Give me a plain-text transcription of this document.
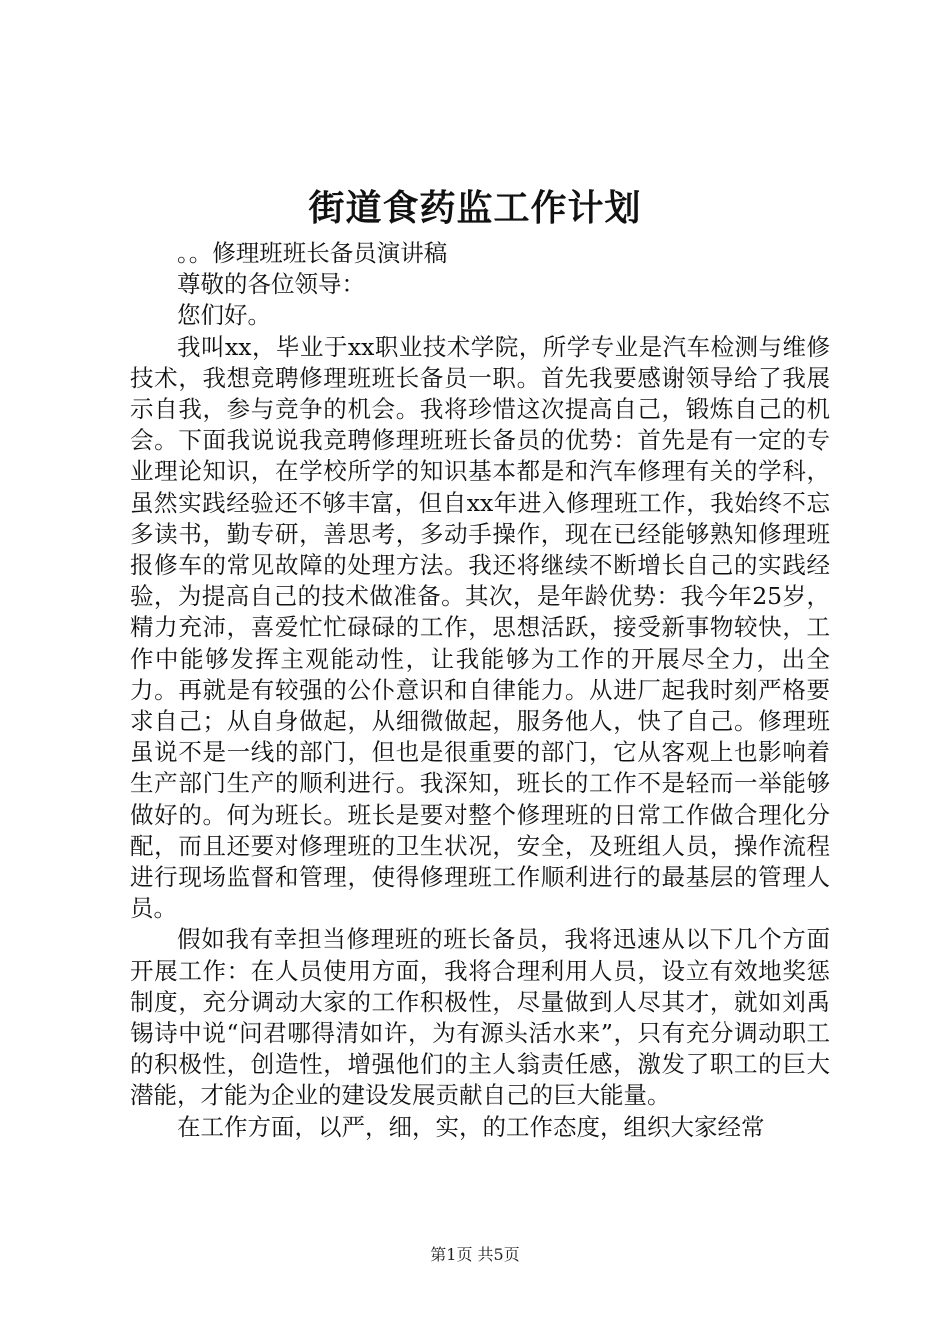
街道食药监工作计划

。。修理班班长备员演讲稿

尊敬的各位领导：

您们好。

我叫xx，毕业于xx职业技术学院，所学专业是汽车检测与维修技术，我想竞聘修理班班长备员一职。首先我要感谢领导给了我展示自我，参与竞争的机会。我将珍惜这次提高自己，锻炼自己的机会。下面我说说我竞聘修理班班长备员的优势：首先是有一定的专业理论知识，在学校所学的知识基本都是和汽车修理有关的学科，虽然实践经验还不够丰富，但自xx年进入修理班工作，我始终不忘多读书，勤专研，善思考，多动手操作，现在已经能够熟知修理班报修车的常见故障的处理方法。我还将继续不断增长自己的实践经验，为提高自己的技术做准备。其次，是年龄优势：我今年25岁，精力充沛，喜爱忙忙碌碌的工作，思想活跃，接受新事物较快，工作中能够发挥主观能动性，让我能够为工作的开展尽全力，出全力。再就是有较强的公仆意识和自律能力。从进厂起我时刻严格要求自己；从自身做起，从细微做起，服务他人，快了自己。修理班虽说不是一线的部门，但也是很重要的部门，它从客观上也影响着生产部门生产的顺利进行。我深知，班长的工作不是轻而一举能够做好的。何为班长。班长是要对整个修理班的日常工作做合理化分配，而且还要对修理班的卫生状况，安全，及班组人员，操作流程进行现场监督和管理，使得修理班工作顺利进行的最基层的管理人员。

假如我有幸担当修理班的班长备员，我将迅速从以下几个方面开展工作：在人员使用方面，我将合理利用人员，设立有效地奖惩制度，充分调动大家的工作积极性，尽量做到人尽其才，就如刘禹锡诗中说“问君哪得清如许，为有源头活水来”，只有充分调动职工的积极性，创造性，增强他们的主人翁责任感，激发了职工的巨大潜能，才能为企业的建设发展贡献自己的巨大能量。

在工作方面，以严，细，实，的工作态度，组织大家经常

第1页 共5页
